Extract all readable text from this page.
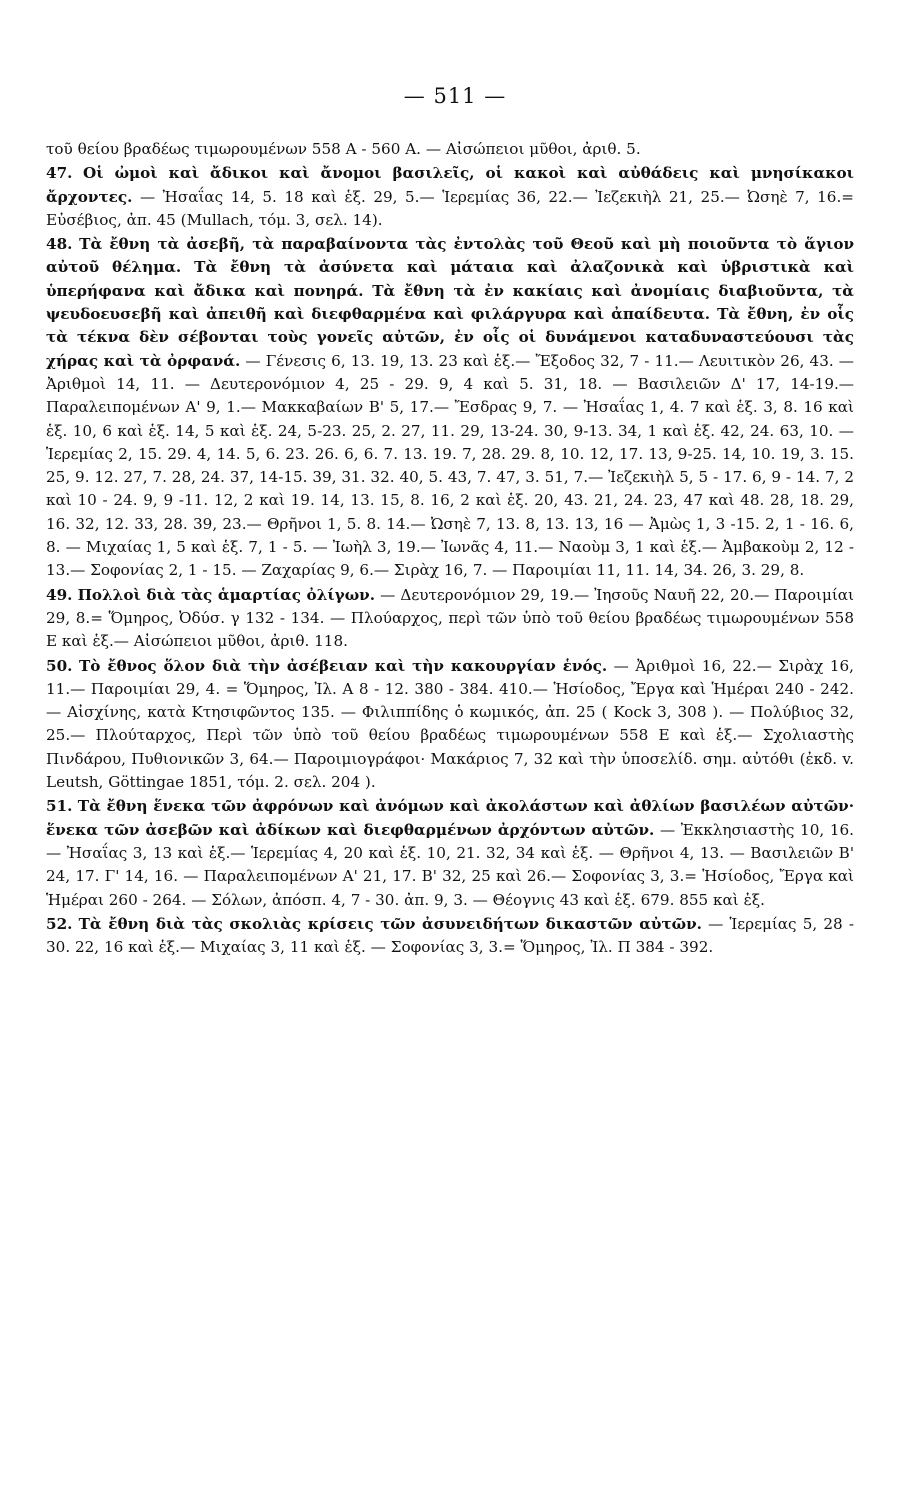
— 511 —

τοῦ θείου βραδέως τιμωρουμένων 558 Α - 560 Α. — Αἰσώπειοι μῦθοι, ἀριθ. 5.

47. Οἱ ὠμοὶ καὶ ἄδικοι καὶ ἄνομοι βασιλεῖς, οἱ κακοὶ καὶ αὐθάδεις καὶ μνησίκακοι ἄρχοντες. — Ἠσαΐας 14, 5. 18 καὶ ἑξ. 29, 5.— Ἱερεμίας 36, 22.— Ἰεζεκιὴλ 21, 25.— Ὠσηὲ 7, 16.= Εὐσέβιος, ἀπ. 45 (Mullach, τόμ. 3, σελ. 14).

48. Τὰ ἔθνη τὰ ἀσεβῆ, τὰ παραβαίνοντα τὰς ἐντολὰς τοῦ Θεοῦ καὶ μὴ ποιοῦντα τὸ ἅγιον αὐτοῦ θέλημα. Τὰ ἔθνη τὰ ἀσύνετα καὶ μάταια καὶ ἀλαζονικὰ καὶ ὑβριστικὰ καὶ ὑπερήφανα καὶ ἄδικα καὶ πονηρά. Τὰ ἔθνη τὰ ἐν κακίαις καὶ ἀνομίαις διαβιοῦντα, τὰ ψευδοευσεβῆ καὶ ἀπειθῆ καὶ διεφθαρμένα καὶ φιλάργυρα καὶ ἀπαίδευτα. Τὰ ἔθνη, ἐν οἷς τὰ τέκνα δὲν σέβονται τοὺς γονεῖς αὐτῶν, ἐν οἷς οἱ δυνάμενοι καταδυναστεύουσι τὰς χήρας καὶ τὰ ὀρφανά. — Γένεσις 6, 13. 19, 13. 23 καὶ ἑξ.— Ἔξοδος 32, 7 - 11.— Λευιτικὸν 26, 43. — Ἀριθμοὶ 14, 11. — Δευτερονόμιον 4, 25 - 29. 9, 4 καὶ 5. 31, 18. — Βασιλειῶν Δ' 17, 14-19.— Παραλειπομένων Α' 9, 1.— Μακκαβαίων Β' 5, 17.— Ἔσδρας 9, 7. — Ἠσαΐας 1, 4. 7 καὶ ἑξ. 3, 8. 16 καὶ ἑξ. 10, 6 καὶ ἑξ. 14, 5 καὶ ἑξ. 24, 5-23. 25, 2. 27, 11. 29, 13-24. 30, 9-13. 34, 1 καὶ ἑξ. 42, 24. 63, 10. — Ἱερεμίας 2, 15. 29. 4, 14. 5, 6. 23. 26. 6, 6. 7. 13. 19. 7, 28. 29. 8, 10. 12, 17. 13, 9-25. 14, 10. 19, 3. 15. 25, 9. 12. 27, 7. 28, 24. 37, 14-15. 39, 31. 32. 40, 5. 43, 7. 47, 3. 51, 7.— Ἰεζεκιὴλ 5, 5 - 17. 6, 9 - 14. 7, 2 καὶ 10 - 24. 9, 9 -11. 12, 2 καὶ 19. 14, 13. 15, 8. 16, 2 καὶ ἑξ. 20, 43. 21, 24. 23, 47 καὶ 48. 28, 18. 29, 16. 32, 12. 33, 28. 39, 23.— Θρῆνοι 1, 5. 8. 14.— Ὠσηὲ 7, 13. 8, 13. 13, 16 — Ἀμὼς 1, 3 -15. 2, 1 - 16. 6, 8. — Μιχαίας 1, 5 καὶ ἑξ. 7, 1 - 5. — Ἰωὴλ 3, 19.— Ἰωνᾶς 4, 11.— Ναοὺμ 3, 1 καὶ ἑξ.— Ἀμβακοὺμ 2, 12 - 13.— Σοφονίας 2, 1 - 15. — Ζαχαρίας 9, 6.— Σιρὰχ 16, 7. — Παροιμίαι 11, 11. 14, 34. 26, 3. 29, 8.

49. Πολλοὶ διὰ τὰς ἁμαρτίας ὀλίγων. — Δευτερονόμιον 29, 19.— Ἰησοῦς Ναυῆ 22, 20.— Παροιμίαι 29, 8.= Ὅμηρος, Ὀδύσ. γ 132 - 134. — Πλούαρχος, περὶ τῶν ὑπὸ τοῦ θείου βραδέως τιμωρουμένων 558 Ε καὶ ἑξ.— Αἰσώπειοι μῦθοι, ἀριθ. 118.

50. Τὸ ἔθνος ὅλον διὰ τὴν ἀσέβειαν καὶ τὴν κακουργίαν ἑνός. — Ἀριθμοὶ 16, 22.— Σιρὰχ 16, 11.— Παροιμίαι 29, 4. = Ὅμηρος, Ἰλ. Α 8 - 12. 380 - 384. 410.— Ἡσίοδος, Ἔργα καὶ Ἡμέραι 240 - 242.— Αἰσχίνης, κατὰ Κτησιφῶντος 135. — Φιλιππίδης ὁ κωμικός, ἀπ. 25 ( Kock 3, 308 ). — Πολύβιος 32, 25.— Πλούταρχος, Περὶ τῶν ὑπὸ τοῦ θείου βραδέως τιμωρουμένων 558 Ε καὶ ἑξ.— Σχολιαστὴς Πινδάρου, Πυθιονικῶν 3, 64.— Παροιμιογράφοι· Μακάριος 7, 32 καὶ τὴν ὑποσελίδ. σημ. αὐτόθι (ἐκδ. v. Leutsh, Göttingae 1851, τόμ. 2. σελ. 204 ).

51. Τὰ ἔθνη ἕνεκα τῶν ἀφρόνων καὶ ἀνόμων καὶ ἀκολάστων καὶ ἀθλίων βασιλέων αὐτῶν· ἕνεκα τῶν ἀσεβῶν καὶ ἀδίκων καὶ διεφθαρμένων ἀρχόντων αὐτῶν. — Ἐκκλησιαστὴς 10, 16. — Ἠσαΐας 3, 13 καὶ ἑξ.— Ἱερεμίας 4, 20 καὶ ἑξ. 10, 21. 32, 34 καὶ ἑξ. — Θρῆνοι 4, 13. — Βασιλειῶν Β' 24, 17. Γ' 14, 16. — Παραλειπομένων Α' 21, 17. Β' 32, 25 καὶ 26.— Σοφονίας 3, 3.= Ἡσίοδος, Ἔργα καὶ Ἡμέραι 260 - 264. — Σόλων, ἀπόσπ. 4, 7 - 30. ἀπ. 9, 3. — Θέογνις 43 καὶ ἑξ. 679. 855 καὶ ἑξ.

52. Τὰ ἔθνη διὰ τὰς σκολιὰς κρίσεις τῶν ἀσυνειδήτων δικαστῶν αὐτῶν. — Ἱερεμίας 5, 28 - 30. 22, 16 καὶ ἑξ.— Μιχαίας 3, 11 καὶ ἑξ. — Σοφονίας 3, 3.= Ὅμηρος, Ἰλ. Π 384 - 392.
